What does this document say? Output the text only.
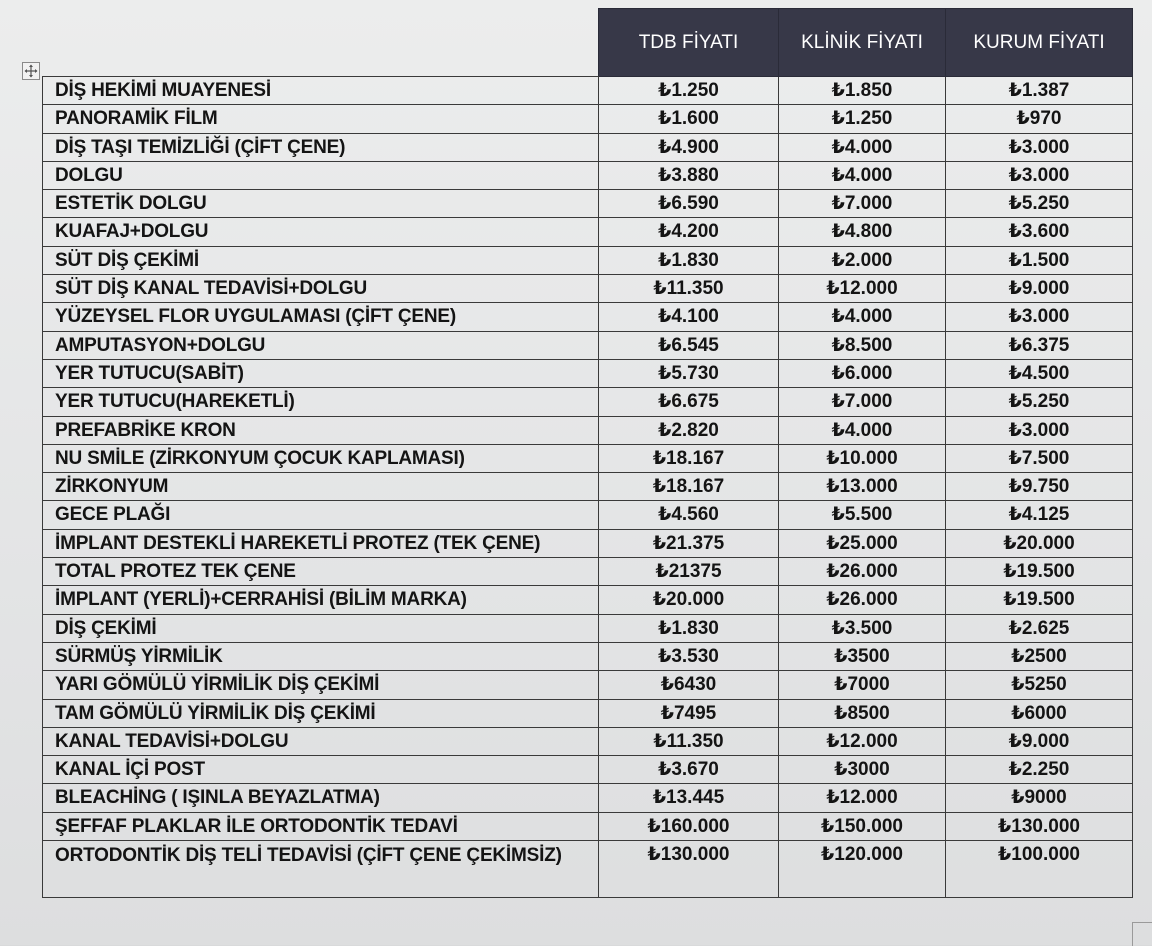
	TDB FİYATI	KLİNİK FİYATI	KURUM FİYATI
DİŞ HEKİMİ MUAYENESİ	₺1.250	₺1.850	₺1.387
PANORAMİK FİLM	₺1.600	₺1.250	₺970
DİŞ TAŞI TEMİZLİĞİ (ÇİFT ÇENE)	₺4.900	₺4.000	₺3.000
DOLGU	₺3.880	₺4.000	₺3.000
ESTETİK DOLGU	₺6.590	₺7.000	₺5.250
KUAFAJ+DOLGU	₺4.200	₺4.800	₺3.600
SÜT DİŞ ÇEKİMİ	₺1.830	₺2.000	₺1.500
SÜT DİŞ KANAL TEDAVİSİ+DOLGU	₺11.350	₺12.000	₺9.000
YÜZEYSEL FLOR UYGULAMASI (ÇİFT ÇENE)	₺4.100	₺4.000	₺3.000
AMPUTASYON+DOLGU	₺6.545	₺8.500	₺6.375
YER TUTUCU(SABİT)	₺5.730	₺6.000	₺4.500
YER TUTUCU(HAREKETLİ)	₺6.675	₺7.000	₺5.250
PREFABRİKE KRON	₺2.820	₺4.000	₺3.000
NU SMİLE (ZİRKONYUM ÇOCUK KAPLAMASI)	₺18.167	₺10.000	₺7.500
ZİRKONYUM	₺18.167	₺13.000	₺9.750
GECE PLAĞI	₺4.560	₺5.500	₺4.125
İMPLANT DESTEKLİ HAREKETLİ PROTEZ (TEK ÇENE)	₺21.375	₺25.000	₺20.000
TOTAL PROTEZ TEK ÇENE	₺21375	₺26.000	₺19.500
İMPLANT (YERLİ)+CERRAHİSİ (BİLİM MARKA)	₺20.000	₺26.000	₺19.500
DİŞ ÇEKİMİ	₺1.830	₺3.500	₺2.625
SÜRMÜŞ YİRMİLİK	₺3.530	₺3500	₺2500
YARI GÖMÜLÜ YİRMİLİK DİŞ ÇEKİMİ	₺6430	₺7000	₺5250
TAM GÖMÜLÜ YİRMİLİK DİŞ ÇEKİMİ	₺7495	₺8500	₺6000
KANAL TEDAVİSİ+DOLGU	₺11.350	₺12.000	₺9.000
KANAL İÇİ POST	₺3.670	₺3000	₺2.250
BLEACHİNG ( IŞINLA BEYAZLATMA)	₺13.445	₺12.000	₺9000
ŞEFFAF PLAKLAR İLE ORTODONTİK TEDAVİ	₺160.000	₺150.000	₺130.000
ORTODONTİK DİŞ TELİ TEDAVİSİ (ÇİFT ÇENE ÇEKİMSİZ)	₺130.000	₺120.000	₺100.000
